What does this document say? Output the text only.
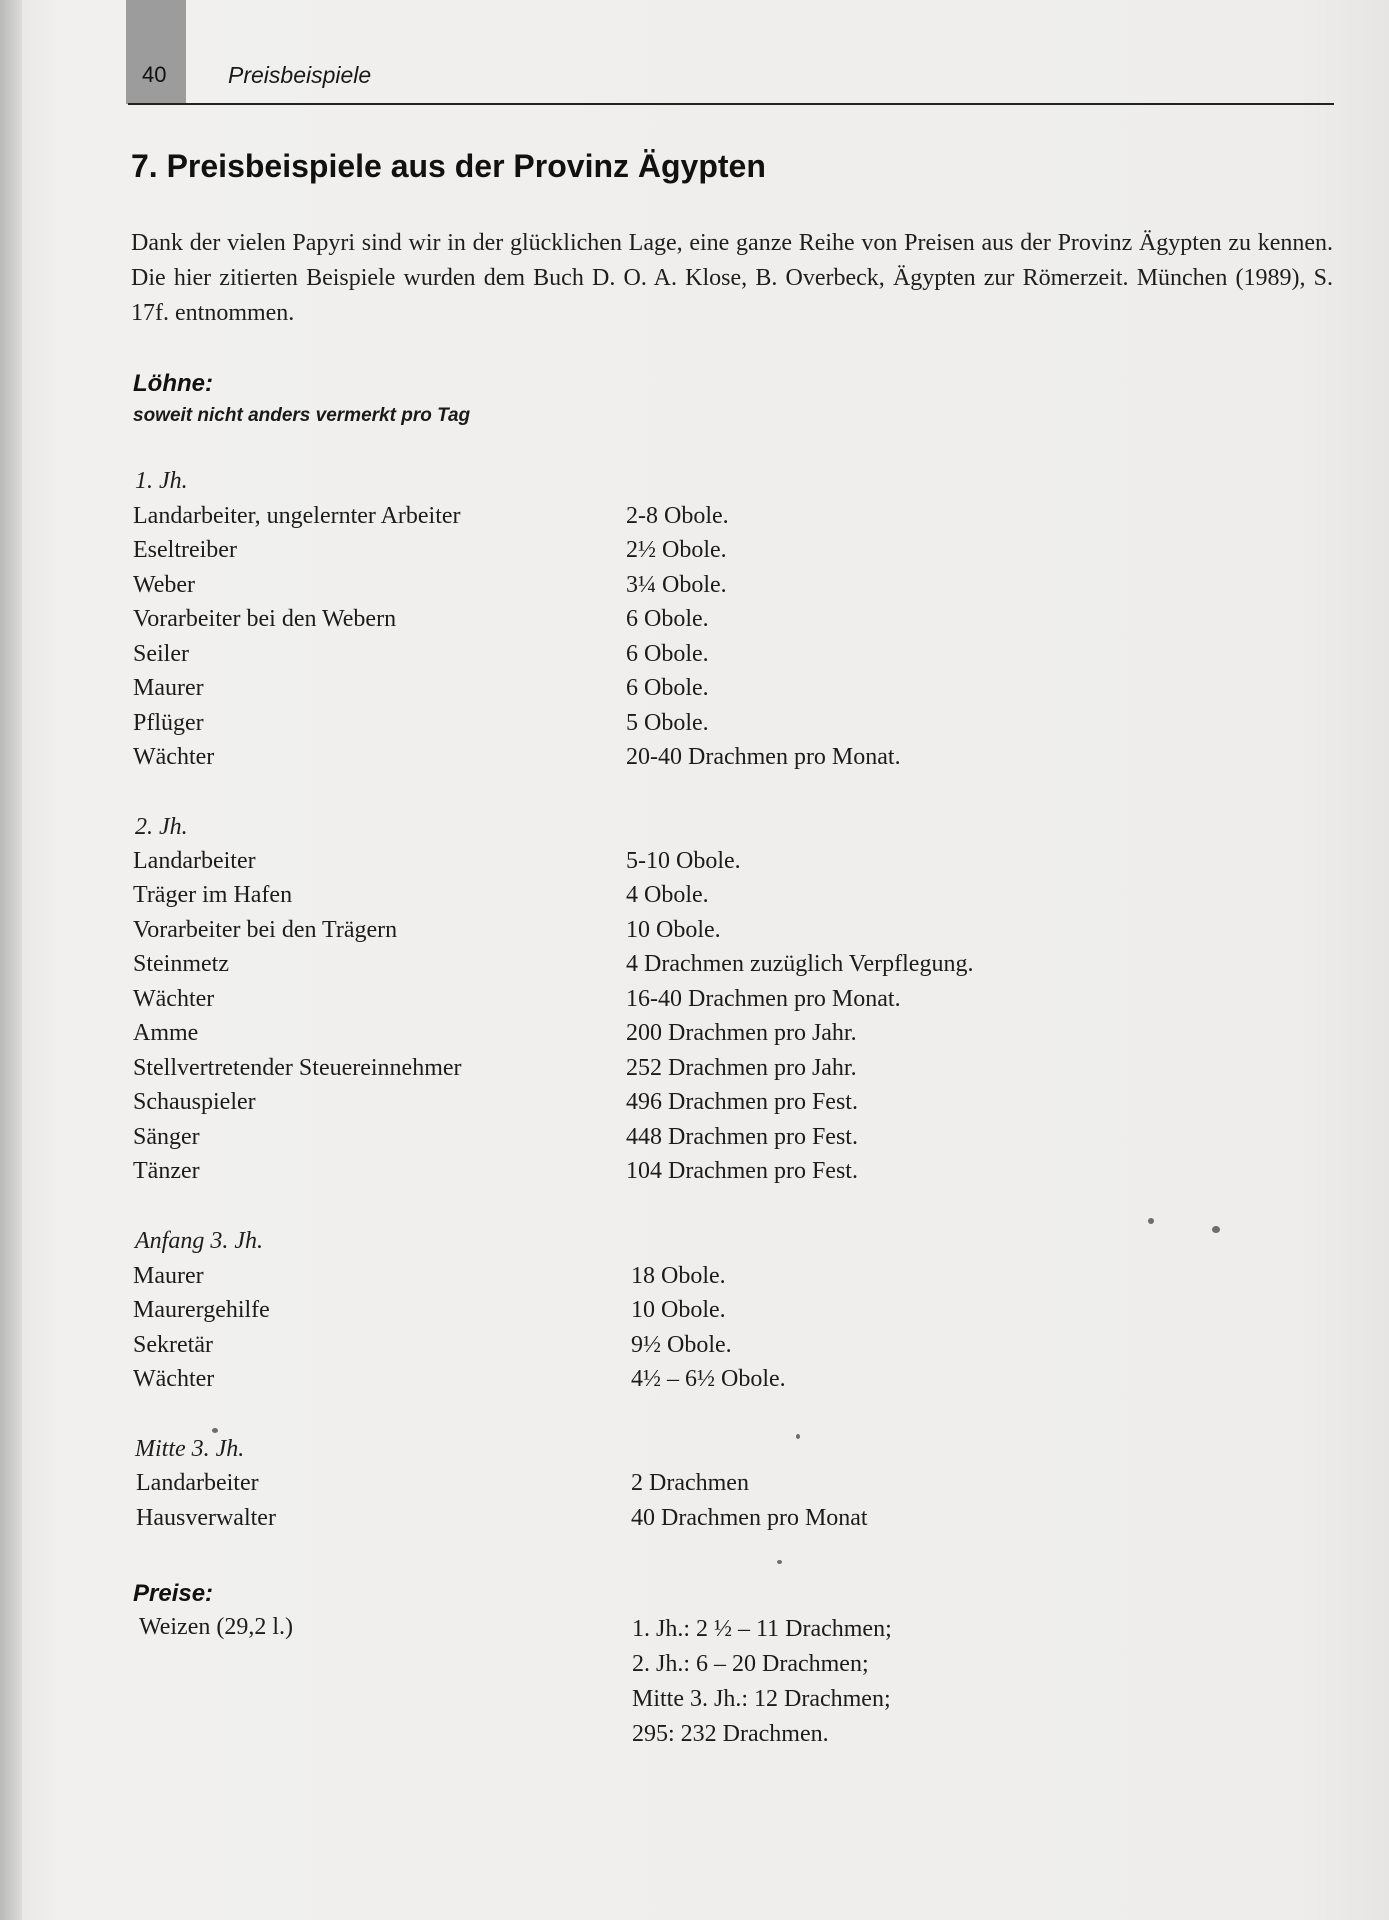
40	Preisbeispiele
7. Preisbeispiele aus der Provinz Ägypten

Dank der vielen Papyri sind wir in der glücklichen Lage, eine ganze Reihe von Preisen aus der Provinz Ägypten zu kennen. Die hier zitierten Beispiele wurden dem Buch D. O. A. Klose, B. Overbeck, Ägypten zur Römerzeit. München (1989), S. 17f. entnommen.

Löhne:
soweit nicht anders vermerkt pro Tag
1. Jh.
Landarbeiter, ungelernter Arbeiter	2-8 Obole.
Eseltreiber	2½ Obole.
Weber	3¼ Obole.
Vorarbeiter bei den Webern	6 Obole.
Seiler	6 Obole.
Maurer	6 Obole.
Pflüger	5 Obole.
Wächter	20-40 Drachmen pro Monat.
2. Jh.
Landarbeiter	5-10 Obole.
Träger im Hafen	4 Obole.
Vorarbeiter bei den Trägern	10 Obole.
Steinmetz	4 Drachmen zuzüglich Verpflegung.
Wächter	16-40 Drachmen pro Monat.
Amme	200 Drachmen pro Jahr.
Stellvertretender Steuereinnehmer	252 Drachmen pro Jahr.
Schauspieler	496 Drachmen pro Fest.
Sänger	448 Drachmen pro Fest.
Tänzer	104 Drachmen pro Fest.
Anfang 3. Jh.
Maurer	18 Obole.
Maurergehilfe	10 Obole.
Sekretär	9½ Obole.
Wächter	4½ – 6½ Obole.
Mitte 3. Jh.
Landarbeiter	2 Drachmen
Hausverwalter	40 Drachmen pro Monat
Preise:
Weizen (29,2 l.)	1. Jh.: 2 ½ – 11 Drachmen;
2. Jh.: 6 – 20 Drachmen;
Mitte 3. Jh.: 12 Drachmen;
295: 232 Drachmen.
